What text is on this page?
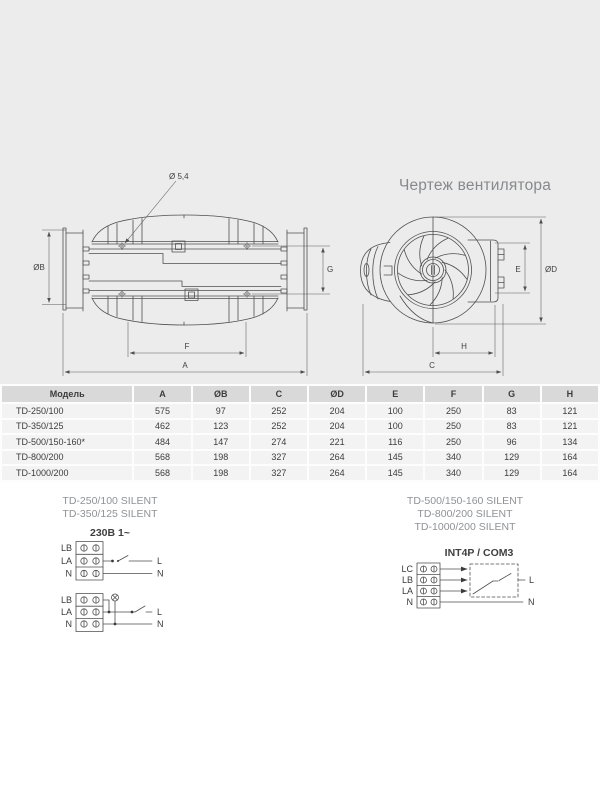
Чертеж вентилятора
ØB
Ø 5,4
G
F
A
E	ØD
H
C
Модель	A	ØB	C	ØD	E	F	G	H
TD-250/100	575	97	252	204	100	250	83	121
TD-350/125	462	123	252	204	100	250	83	121
TD-500/150-160*	484	147	274	221	116	250	96	134
TD-800/200	568	198	327	264	145	340	129	164
TD-1000/200	568	198	327	264	145	340	129	164
TD-250/100 SILENT
TD-350/125 SILENT
230В 1~
LB
LA
N
L
N
LB
LA
N
L
N
TD-500/150-160 SILENT
TD-800/200 SILENT
TD-1000/200 SILENT
INT4P / COM3
LC
LB
LA
N
L
N
